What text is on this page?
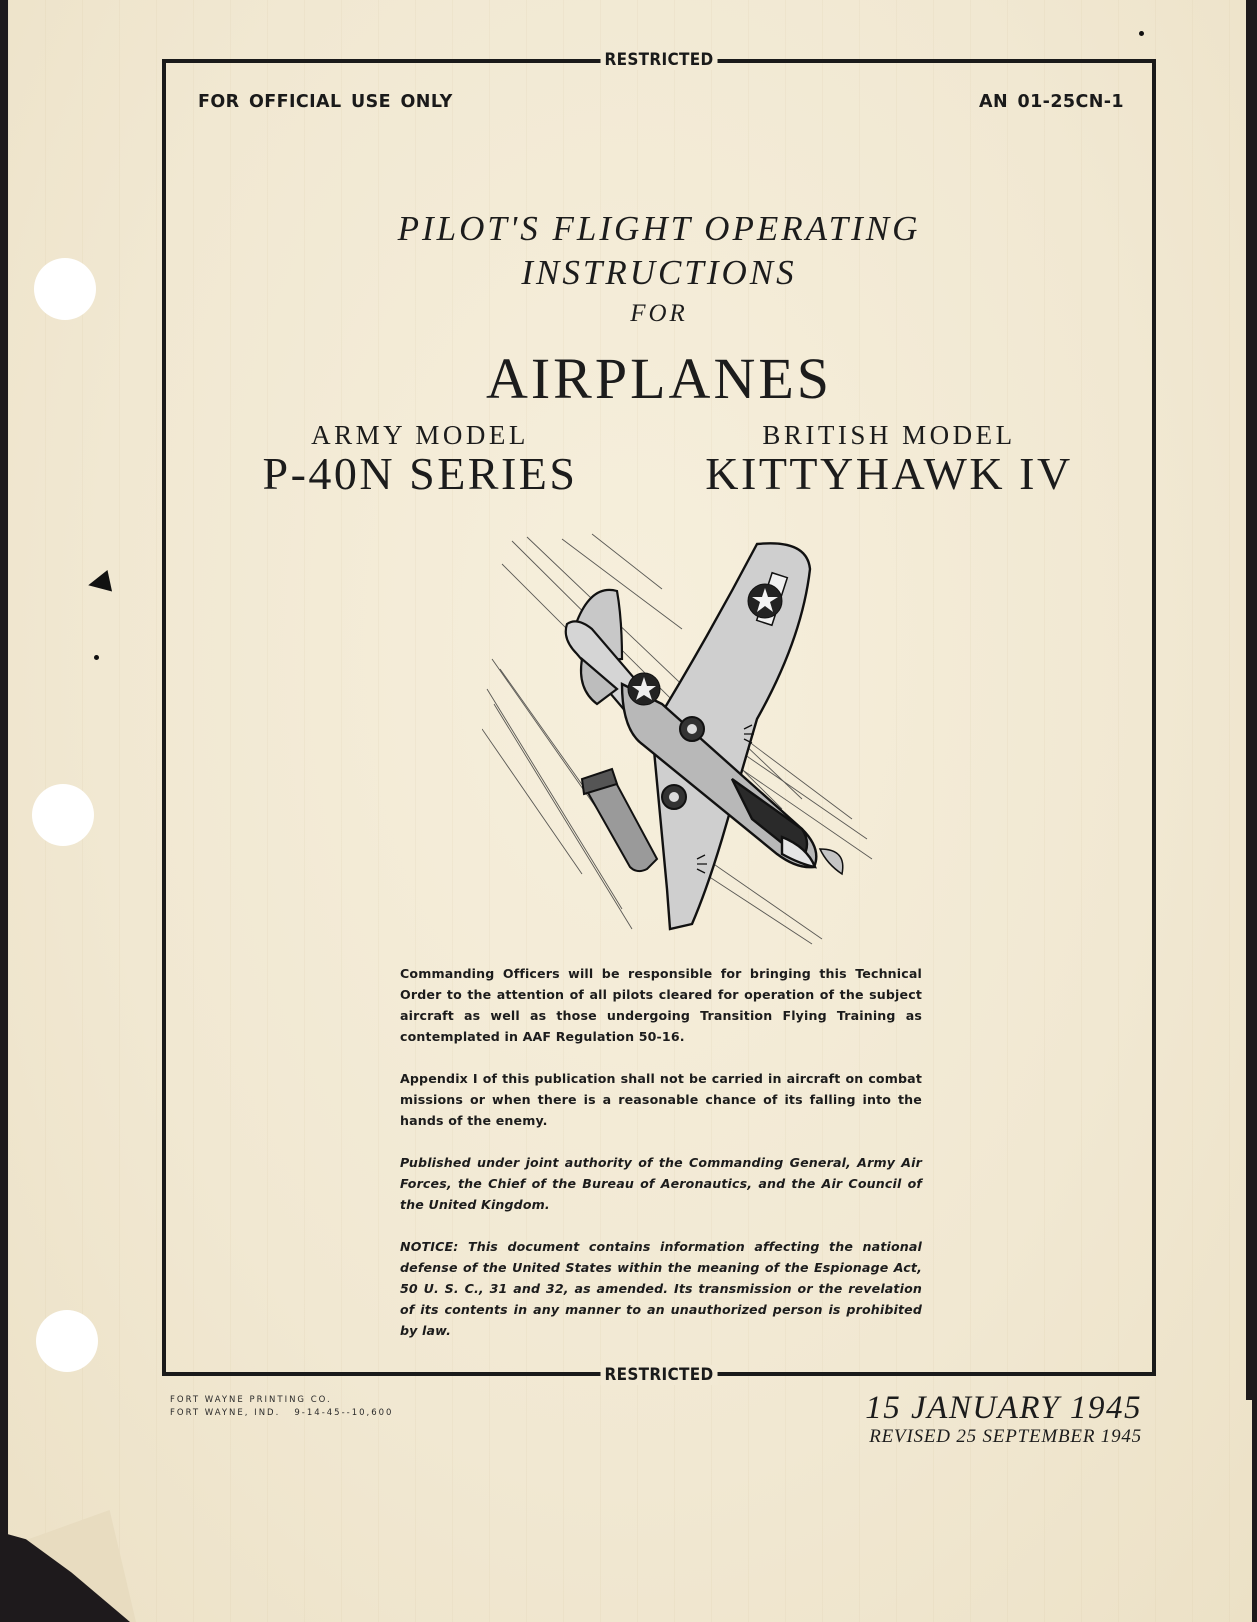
RESTRICTED
RESTRICTED
FOR OFFICIAL USE ONLY	AN 01-25CN-1
PILOT'S FLIGHT OPERATING
INSTRUCTIONS
FOR
AIRPLANES
ARMY MODEL
P-40N SERIES
BRITISH MODEL
KITTYHAWK IV

Commanding Officers will be responsible for bringing this Technical Order to the attention of all pilots cleared for operation of the subject aircraft as well as those undergoing Transition Flying Training as contemplated in AAF Regulation 50-16.

Appendix I of this publication shall not be carried in aircraft on combat missions or when there is a reasonable chance of its falling into the hands of the enemy.

Published under joint authority of the Commanding General, Army Air Forces, the Chief of the Bureau of Aeronautics, and the Air Council of the United Kingdom.

NOTICE: This document contains information affecting the national defense of the United States within the meaning of the Espionage Act, 50 U. S. C., 31 and 32, as amended. Its transmission or the revelation of its contents in any manner to an unauthorized person is prohibited by law.

FORT WAYNE PRINTING CO.
FORT WAYNE, IND.   9-14-45--10,600	15 JANUARY 1945
REVISED 25 SEPTEMBER 1945
